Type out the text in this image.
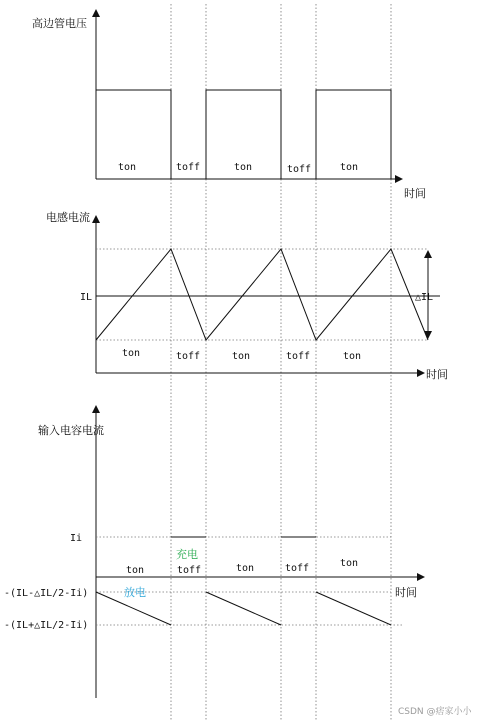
高边管电压
时间
ton	toff	ton	toff	ton
电感电流
时间
IL	△IL
ton	toff	ton	toff	ton
输入电容电流
时间
Ii
-(IL-△IL/2-Ii)
-(IL+△IL/2-Ii)
充电
放电
ton	toff	ton	toff	ton
CSDN @痞家小小
